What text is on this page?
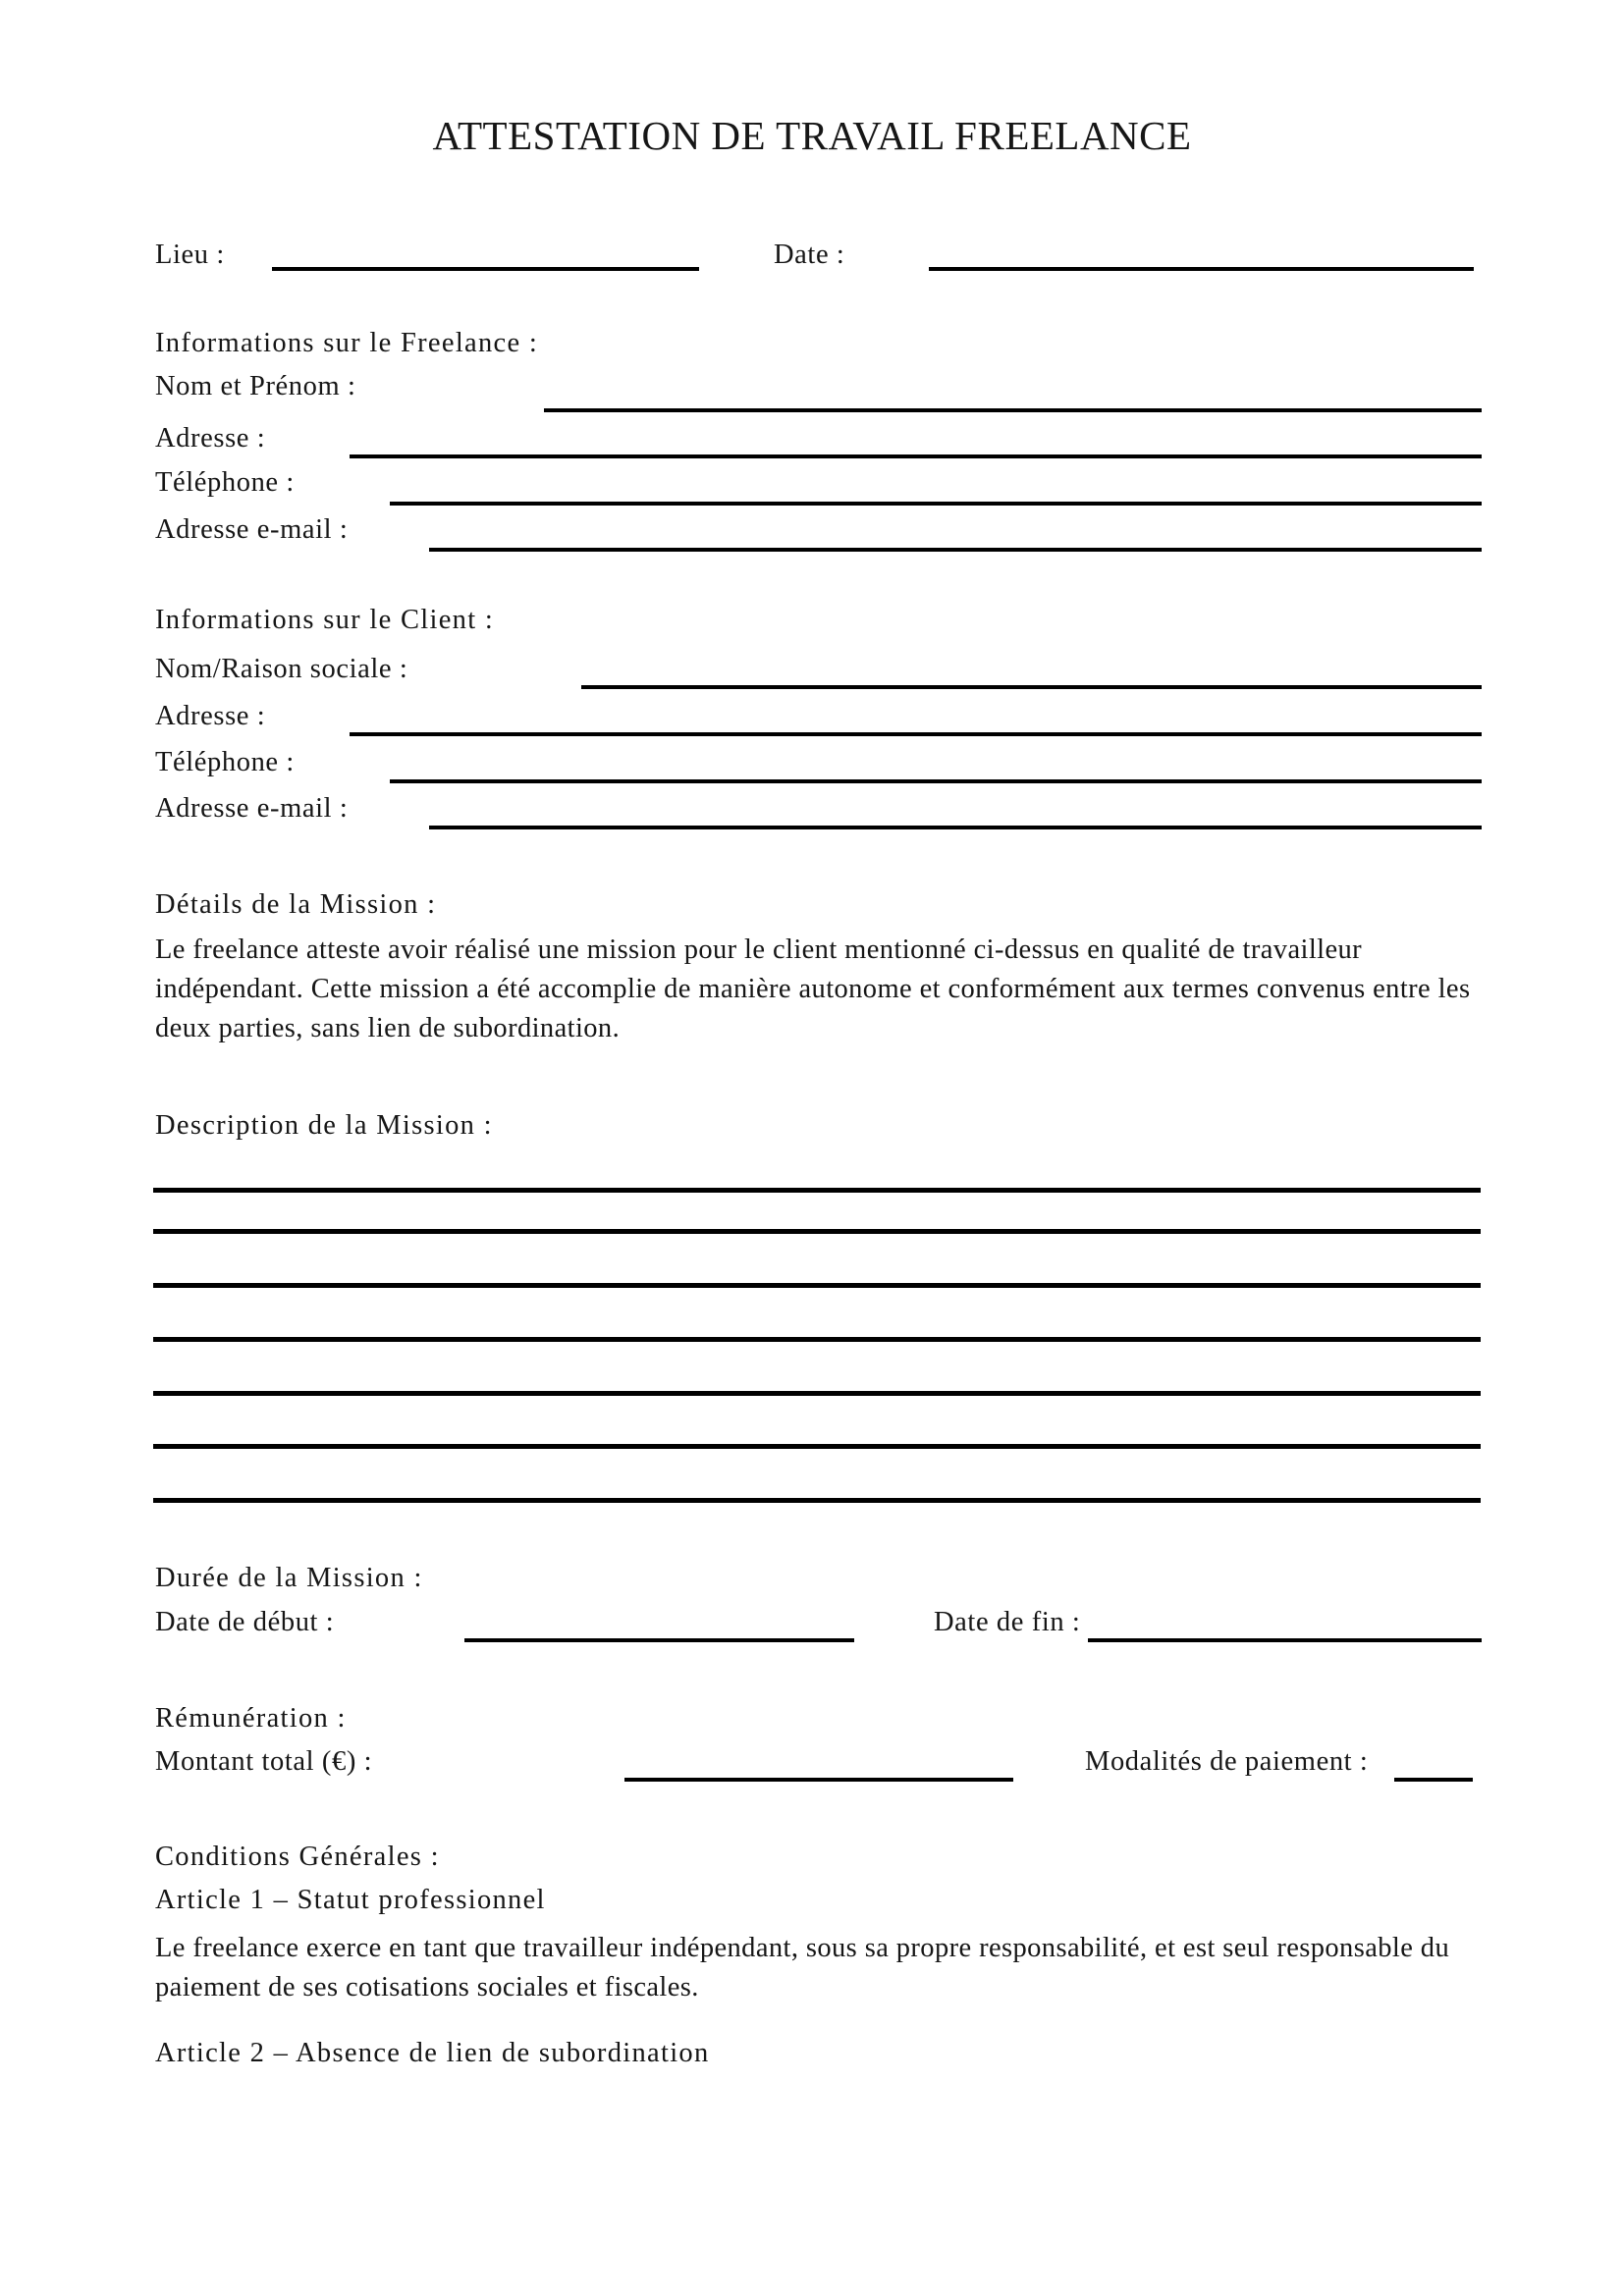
ATTESTATION DE TRAVAIL FREELANCE
Lieu :	Date :
Informations sur le Freelance :
Nom et Prénom :
Adresse :
Téléphone :
Adresse e-mail :
Informations sur le Client :
Nom/Raison sociale :
Adresse :
Téléphone :
Adresse e-mail :
Détails de la Mission :
Le freelance atteste avoir réalisé une mission pour le client mentionné ci-dessus en qualité de travailleur indépendant. Cette mission a été accomplie de manière autonome et conformément aux termes convenus entre les deux parties, sans lien de subordination.
Description de la Mission :
Durée de la Mission :
Date de début :	Date de fin :
Rémunération :
Montant total (€) :	Modalités de paiement :
Conditions Générales :
Article 1 – Statut professionnel
Le freelance exerce en tant que travailleur indépendant, sous sa propre responsabilité, et est seul responsable du paiement de ses cotisations sociales et fiscales.
Article 2 – Absence de lien de subordination
